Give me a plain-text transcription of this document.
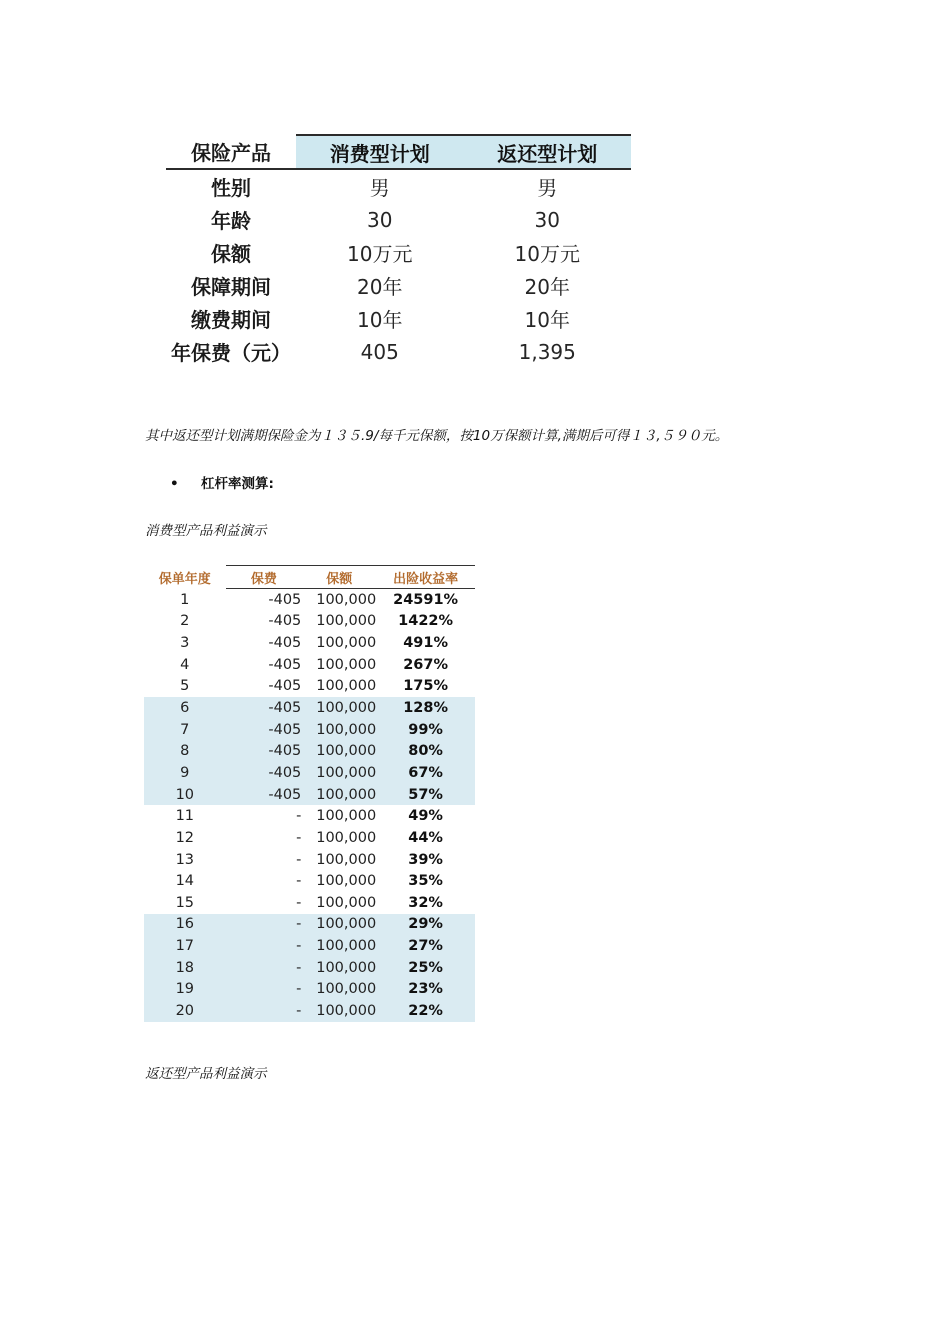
保险产品	消费型计划	返还型计划
性别	男	男
年龄	30	30
保额	10万元	10万元
保障期间	20年	20年
缴费期间	10年	10年
年保费（元）	405	1,395
其中返还型计划满期保险金为１３５.9/每千元保额，按10万保额计算,满期后可得１３,５９０元。
• 杠杆率测算:
消费型产品利益演示
保单年度	保费	保额	出险收益率
1	-405	100,000	24591%
2	-405	100,000	1422%
3	-405	100,000	491%
4	-405	100,000	267%
5	-405	100,000	175%
6	-405	100,000	128%
7	-405	100,000	99%
8	-405	100,000	80%
9	-405	100,000	67%
10	-405	100,000	57%
11	-	100,000	49%
12	-	100,000	44%
13	-	100,000	39%
14	-	100,000	35%
15	-	100,000	32%
16	-	100,000	29%
17	-	100,000	27%
18	-	100,000	25%
19	-	100,000	23%
20	-	100,000	22%
返还型产品利益演示
